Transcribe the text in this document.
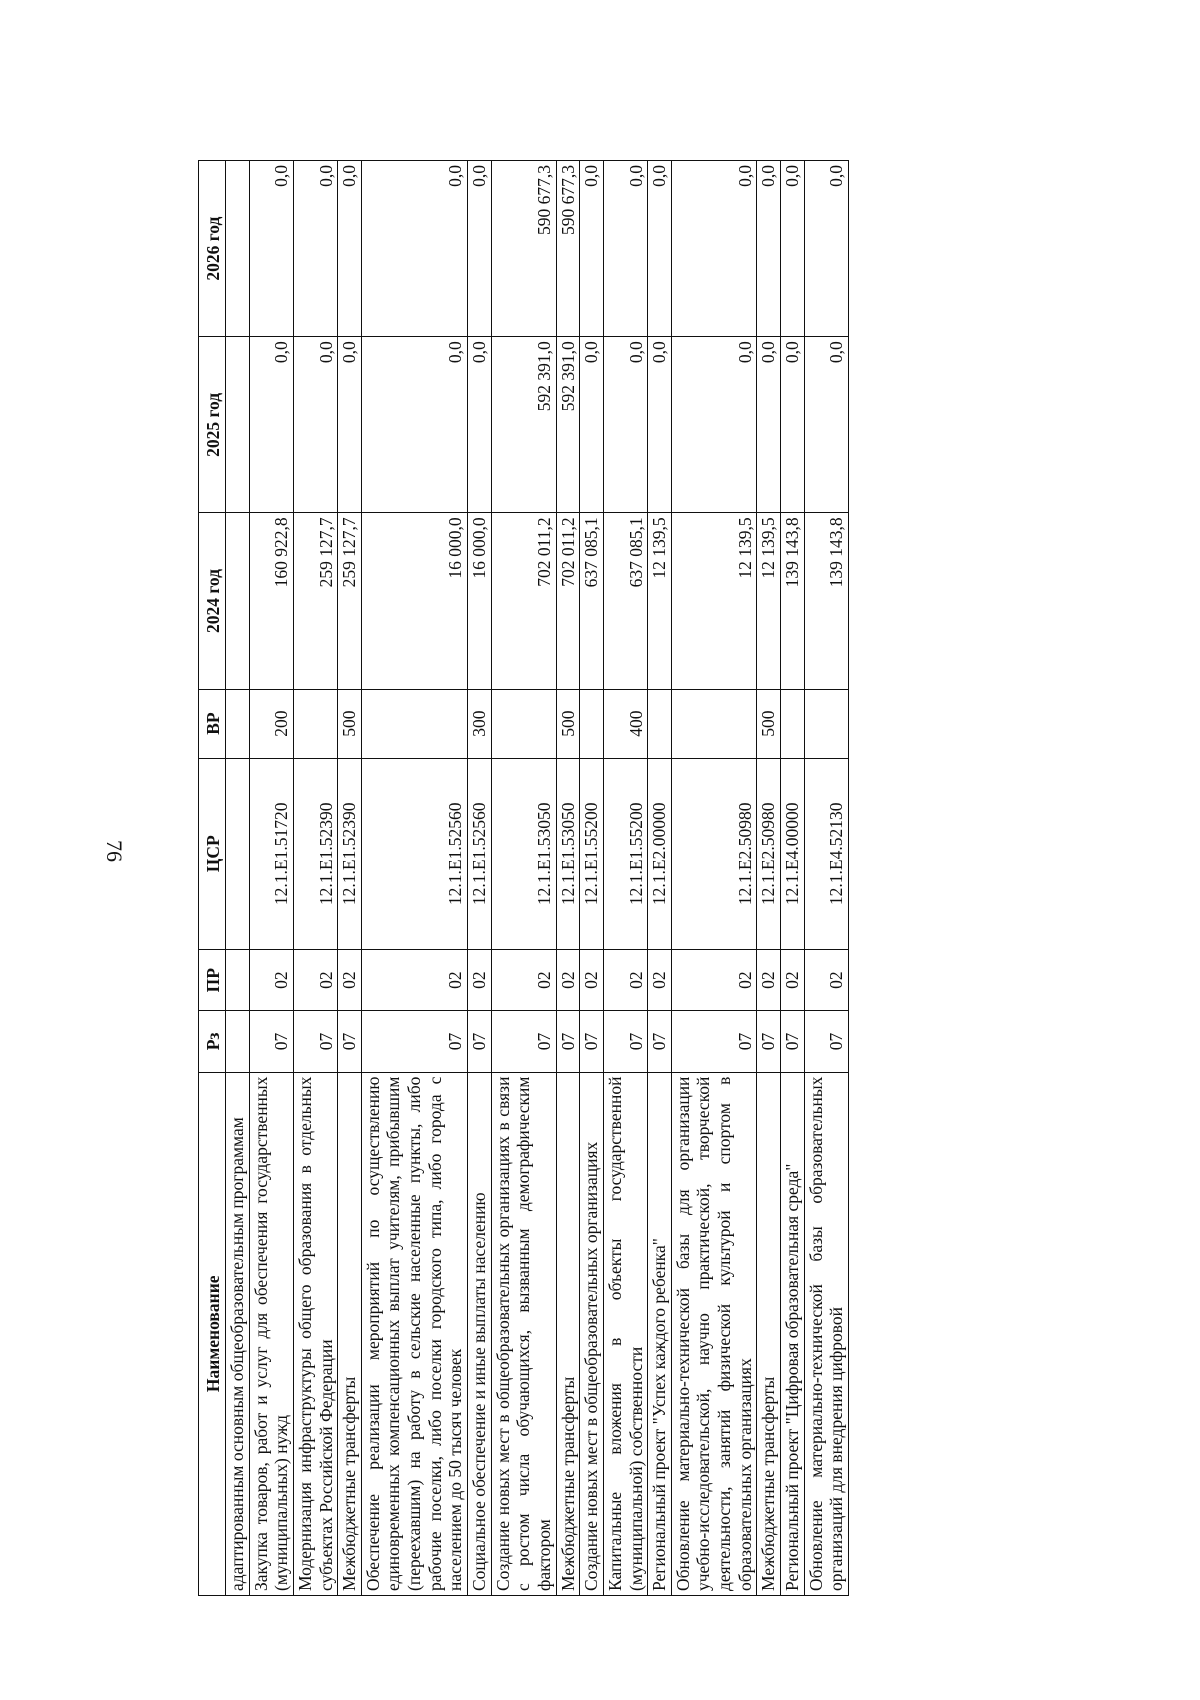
76
Наименование	Рз	ПР	ЦСР	ВР	2024 год	2025 год	2026 год
адаптированным основным общеобразовательным программам							
Закупка товаров, работ и услуг для обеспечения государственных (муниципальных) нужд	07	02	12.1.E1.51720	200	160 922,8	0,0	0,0
Модернизация инфраструктуры общего образования в отдельных субъектах Российской Федерации	07	02	12.1.E1.52390		259 127,7	0,0	0,0
Межбюджетные трансферты	07	02	12.1.E1.52390	500	259 127,7	0,0	0,0
Обеспечение реализации мероприятий по осуществлению единовременных компенсационных выплат учителям, прибывшим (переехавшим) на работу в сельские населенные пункты, либо рабочие поселки, либо поселки городского типа, либо города с населением до 50 тысяч человек	07	02	12.1.E1.52560		16 000,0	0,0	0,0
Социальное обеспечение и иные выплаты населению	07	02	12.1.E1.52560	300	16 000,0	0,0	0,0
Создание новых мест в общеобразовательных организациях в связи с ростом числа обучающихся, вызванным демографическим фактором	07	02	12.1.E1.53050		702 011,2	592 391,0	590 677,3
Межбюджетные трансферты	07	02	12.1.E1.53050	500	702 011,2	592 391,0	590 677,3
Создание новых мест в общеобразовательных организациях	07	02	12.1.E1.55200		637 085,1	0,0	0,0
Капитальные вложения в объекты государственной (муниципальной) собственности	07	02	12.1.E1.55200	400	637 085,1	0,0	0,0
Региональный проект "Успех каждого ребенка"	07	02	12.1.E2.00000		12 139,5	0,0	0,0
Обновление материально-технической базы для организации учебно-исследовательской, научно практической, творческой деятельности, занятий физической культурой и спортом в образовательных организациях	07	02	12.1.E2.50980		12 139,5	0,0	0,0
Межбюджетные трансферты	07	02	12.1.E2.50980	500	12 139,5	0,0	0,0
Региональный проект "Цифровая образовательная среда"	07	02	12.1.E4.00000		139 143,8	0,0	0,0
Обновление материально-технической базы образовательных организаций для внедрения цифровой	07	02	12.1.E4.52130		139 143,8	0,0	0,0
